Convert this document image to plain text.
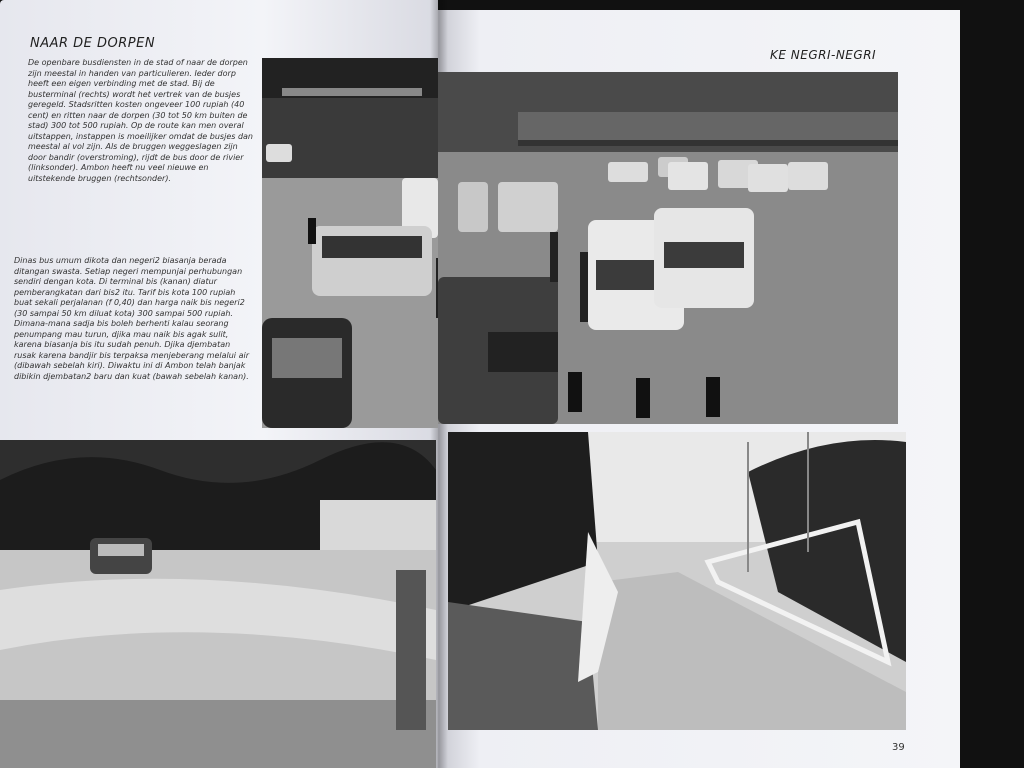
NAAR DE DORPEN
De openbare busdiensten in de stad of naar de dorpen zijn meestal in handen van particulieren. Ieder dorp heeft een eigen verbinding met de stad. Bij de busterminal (rechts) wordt het vertrek van de busjes geregeld. Stadsritten kosten ongeveer 100 rupiah (40 cent) en ritten naar de dorpen (30 tot 50 km buiten de stad) 300 tot 500 rupiah. Op de route kan men overal uitstappen, instappen is moeilijker omdat de busjes dan meestal al vol zijn. Als de bruggen weggeslagen zijn door bandir (overstroming), rijdt de bus door de rivier (linksonder). Ambon heeft nu veel nieuwe en uitstekende bruggen (rechtsonder).
Dinas bus umum dikota dan negeri2 biasanja berada ditangan swasta. Setiap negeri mempunjai perhubungan sendiri dengan kota. Di terminal bis (kanan) diatur pemberangkatan dari bis2 itu. Tarif bis kota 100 rupiah buat sekali perjalanan (f 0,40) dan harga naik bis negeri2 (30 sampai 50 km diluat kota) 300 sampai 500 rupiah. Dimana-mana sadja bis boleh berhenti kalau seorang penumpang mau turun, djika mau naik bis agak sulit, karena biasanja bis itu sudah penuh. Djika djembatan rusak karena bandjir bis terpaksa menjeberang melalui air (dibawah sebelah kiri). Diwaktu ini di Ambon telah banjak dibikin djembatan2 baru dan kuat (bawah sebelah kanan).
KE NEGRI-NEGRI
39
